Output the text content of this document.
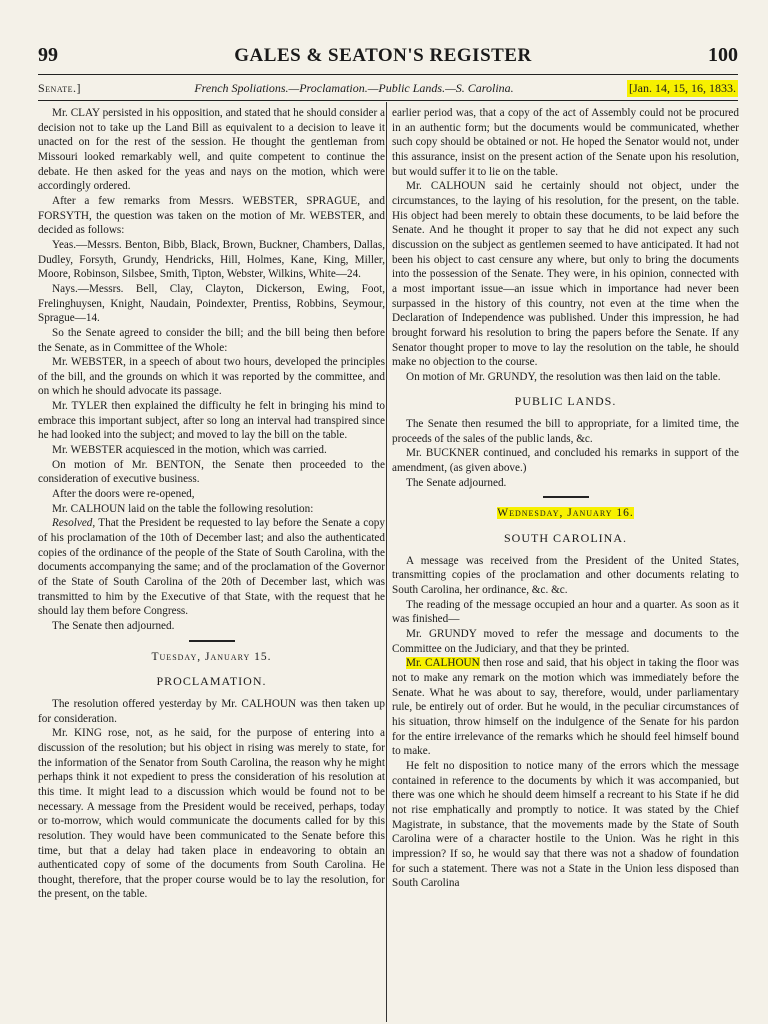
99	GALES & SEATON'S REGISTER	100
Senate.]	French Spoliations.—Proclamation.—Public Lands.—S. Carolina.	[Jan. 14, 15, 16, 1833.

Mr. CLAY persisted in his opposition, and stated that he should consider a decision not to take up the Land Bill as equivalent to a decision to leave it unacted on for the rest of the session. He thought the gentleman from Missouri looked remarkably well, and quite competent to continue the debate. He then asked for the yeas and nays on the motion, which were accordingly ordered.

After a few remarks from Messrs. WEBSTER, SPRAGUE, and FORSYTH, the question was taken on the motion of Mr. WEBSTER, and decided as follows:

Yeas.—Messrs. Benton, Bibb, Black, Brown, Buckner, Chambers, Dallas, Dudley, Forsyth, Grundy, Hendricks, Hill, Holmes, Kane, King, Miller, Moore, Robinson, Silsbee, Smith, Tipton, Webster, Wilkins, White—24.

Nays.—Messrs. Bell, Clay, Clayton, Dickerson, Ewing, Foot, Frelinghuysen, Knight, Naudain, Poindexter, Prentiss, Robbins, Seymour, Sprague—14.

So the Senate agreed to consider the bill; and the bill being then before the Senate, as in Committee of the Whole:

Mr. WEBSTER, in a speech of about two hours, developed the principles of the bill, and the grounds on which it was reported by the committee, and on which he should advocate its passage.

Mr. TYLER then explained the difficulty he felt in bringing his mind to embrace this important subject, after so long an interval had transpired since he had looked into the subject; and moved to lay the bill on the table.

Mr. WEBSTER acquiesced in the motion, which was carried.

On motion of Mr. BENTON, the Senate then proceeded to the consideration of executive business.

After the doors were re-opened,

Mr. CALHOUN laid on the table the following resolution:

Resolved, That the President be requested to lay before the Senate a copy of his proclamation of the 10th of December last; and also the authenticated copies of the ordinance of the people of the State of South Carolina, with the documents accompanying the same; and of the proclamation of the Governor of the State of South Carolina of the 20th of December last, which was transmitted to him by the Executive of that State, with the request that he should lay them before Congress.

The Senate then adjourned.

Tuesday, January 15.

PROCLAMATION.

The resolution offered yesterday by Mr. CALHOUN was then taken up for consideration.

Mr. KING rose, not, as he said, for the purpose of entering into a discussion of the resolution; but his object in rising was merely to state, for the information of the Senator from South Carolina, the reason why he might perhaps think it not expedient to press the consideration of his resolution at this time. It might lead to a discussion which would be found not to be necessary. A message from the President would be received, perhaps, today or to-morrow, which would communicate the documents called for by this resolution. They would have been communicated to the Senate before this time, but that a delay had taken place in endeavoring to obtain an authenticated copy of some of the documents from South Carolina. He thought, therefore, that the proper course would be to lay the resolution, for the present, on the table.

earlier period was, that a copy of the act of Assembly could not be procured in an authentic form; but the documents would be communicated, whether such copy should be obtained or not. He hoped the Senator would not, under this assurance, insist on the present action of the Senate upon his resolution, but would suffer it to lie on the table.

Mr. CALHOUN said he certainly should not object, under the circumstances, to the laying of his resolution, for the present, on the table. His object had been merely to obtain these documents, to be laid before the Senate. And he thought it proper to say that he did not expect any such discussion on the subject as gentlemen seemed to have anticipated. It had not been his object to cast censure any where, but only to bring the documents into the possession of the Senate. They were, in his opinion, connected with a most important issue—an issue which in importance had never been surpassed in the history of this country, not even at the time when the Declaration of Independence was published. Under this impression, he had brought forward his resolution to bring the papers before the Senate. If any Senator thought proper to move to lay the resolution on the table, he should make no objection to the course.

On motion of Mr. GRUNDY, the resolution was then laid on the table.

PUBLIC LANDS.

The Senate then resumed the bill to appropriate, for a limited time, the proceeds of the sales of the public lands, &c.

Mr. BUCKNER continued, and concluded his remarks in support of the amendment, (as given above.)

The Senate adjourned.

Wednesday, January 16.

SOUTH CAROLINA.

A message was received from the President of the United States, transmitting copies of the proclamation and other documents relating to South Carolina, her ordinance, &c. &c.

The reading of the message occupied an hour and a quarter. As soon as it was finished—

Mr. GRUNDY moved to refer the message and documents to the Committee on the Judiciary, and that they be printed.

Mr. CALHOUN then rose and said, that his object in taking the floor was not to make any remark on the motion which was immediately before the Senate. What he was about to say, therefore, would, under parliamentary rule, be entirely out of order. But he would, in the peculiar circumstances of his situation, throw himself on the indulgence of the Senate for his pardon for the entire irrelevance of the remarks which he should feel himself bound to make.

He felt no disposition to notice many of the errors which the message contained in reference to the documents by which it was accompanied, but there was one which he should deem himself a recreant to his State if he did not rise emphatically and promptly to notice. It was stated by the Chief Magistrate, in substance, that the movements made by the State of South Carolina were of a character hostile to the Union. Was he right in this impression? If so, he would say that there was not a shadow of foundation for such a statement. There was not a State in the Union less disposed than South Carolina
